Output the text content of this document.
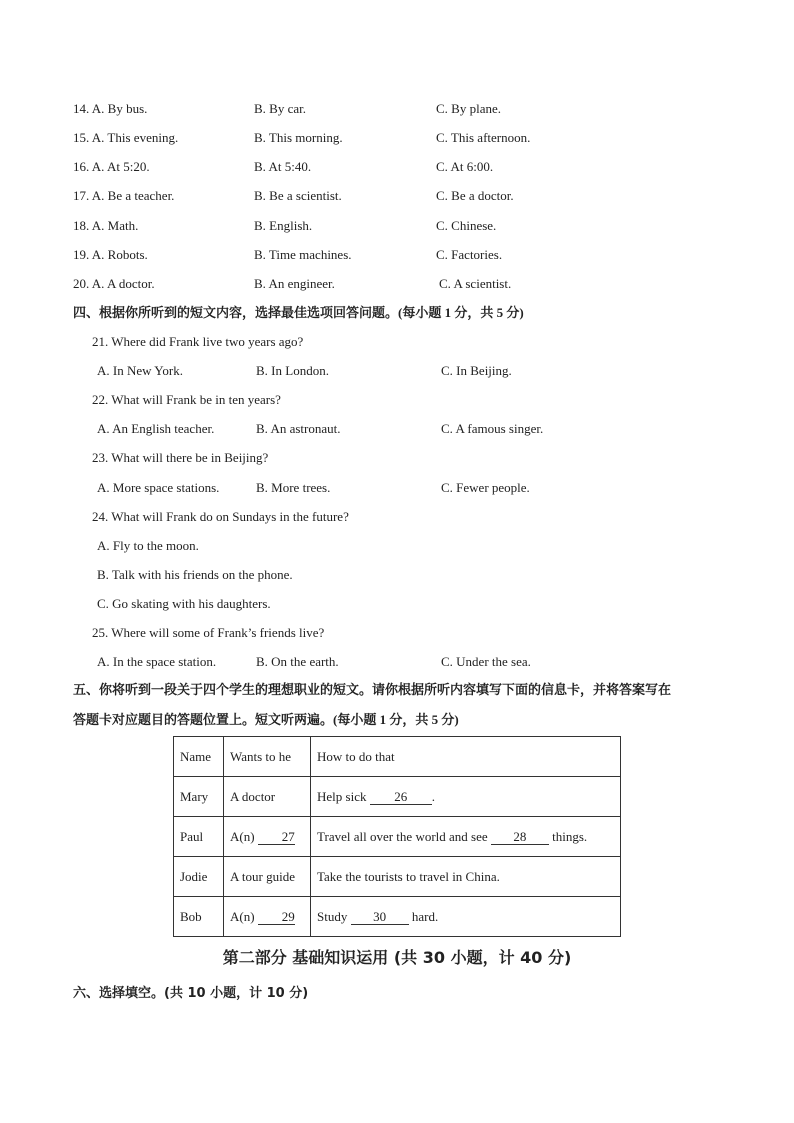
14. A. By bus.	B. By car.	C. By plane.
15. A. This evening.	B. This morning.	C. This afternoon.
16. A. At 5:20.	B. At 5:40.	C. At 6:00.
17. A. Be a teacher.	B. Be a scientist.	C. Be a doctor.
18. A. Math.	B. English.	C. Chinese.
19. A. Robots.	B. Time machines.	C. Factories.
20. A. A doctor.	B. An engineer.	C. A scientist.
四、根据你所听到的短文内容，选择最佳选项回答问题。(每小题 1 分，共 5 分)
21. Where did Frank live two years ago?
A. In New York.	B. In London.	C. In Beijing.
22. What will Frank be in ten years?
A. An English teacher.	B. An astronaut.	C. A famous singer.
23. What will there be in Beijing?
A. More space stations.	B. More trees.	C. Fewer people.
24. What will Frank do on Sundays in the future?
A. Fly to the moon.
B. Talk with his friends on the phone.
C. Go skating with his daughters.
25. Where will some of Frank’s friends live?
A. In the space station.	B. On the earth.	C. Under the sea.
五、你将听到一段关于四个学生的理想职业的短文。请你根据所听内容填写下面的信息卡，并将答案写在
答题卡对应题目的答题位置上。短文听两遍。(每小题 1 分，共 5 分)
Name	Wants to he	How to do that
Mary	A doctor	Help sick 26 .
Paul	A(n) 27	Travel all over the world and see 28 things.
Jodie	A tour guide	Take the tourists to travel in China.
Bob	A(n) 29	Study 30 hard.
第二部分 基础知识运用 (共 30 小题，计 40 分)
六、选择填空。(共 10 小题，计 10 分)
